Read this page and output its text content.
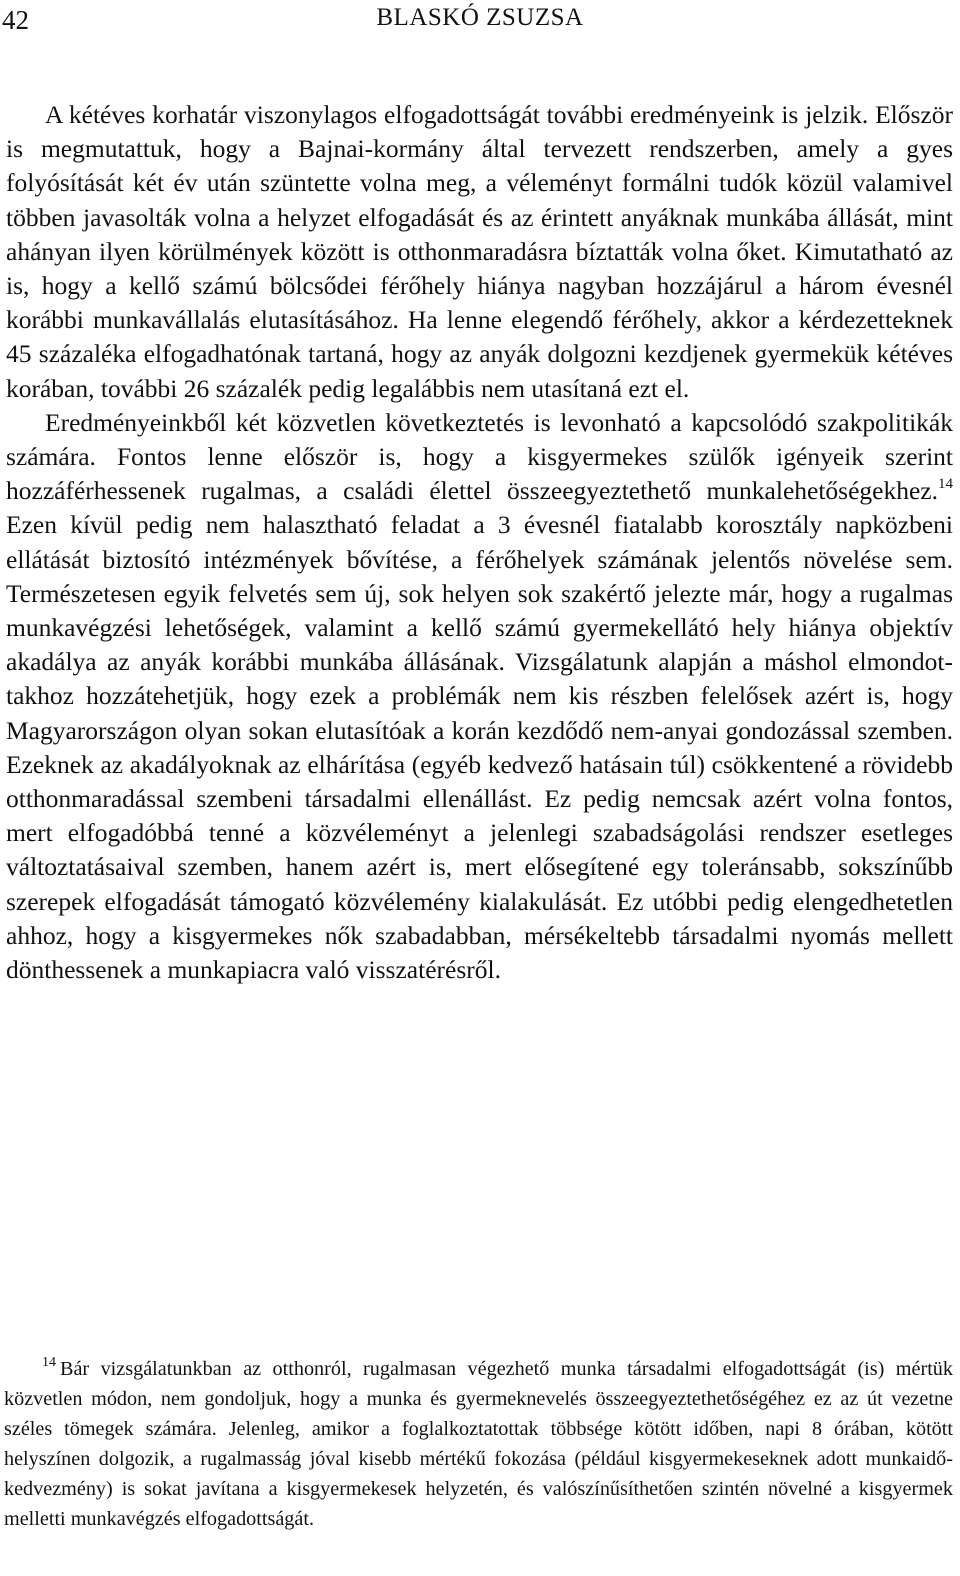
42	BLASKÓ ZSUZSA

A kétéves korhatár viszonylagos elfogadottságát további eredményeink is jelzik. Először is megmutattuk, hogy a Bajnai-kormány által tervezett rendszerben, amely a gyes folyósítását két év után szüntette volna meg, a véleményt formálni tudók közül valamivel többen javasolták volna a helyzet elfogadását és az érintett anyáknak munkába állását, mint ahányan ilyen körülmények között is otthonmaradásra bíztatták volna őket. Kimutatható az is, hogy a kellő számú bölcsődei férőhely hiánya nagyban hozzájárul a három évesnél korábbi munkavállalás elutasításához. Ha lenne elegendő férőhely, akkor a kérdezetteknek 45 százaléka elfogadhatónak tartaná, hogy az anyák dolgozni kezdjenek gyermekük kétéves korában, további 26 százalék pedig legalábbis nem utasítaná ezt el.

Eredményeinkből két közvetlen következtetés is levonható a kapcsolódó szakpolitikák számára. Fontos lenne először is, hogy a kisgyermekes szülők igényeik szerint hozzáférhessenek rugalmas, a családi élettel összeegyeztethető munkalehetőségekhez.$^{14}$ Ezen kívül pedig nem halasztható feladat a 3 évesnél fiatalabb korosztály napközbeni ellátását biztosító intézmények bővítése, a férőhelyek számának jelentős növelése sem. Természetesen egyik felvetés sem új, sok helyen sok szakértő jelezte már, hogy a rugalmas munkavégzési lehetőségek, valamint a kellő számú gyermekellátó hely hiánya objektív akadálya az anyák korábbi munkába állásának. Vizsgálatunk alapján a máshol elmondottakhoz hozzátehetjük, hogy ezek a problémák nem kis részben felelősek azért is, hogy Magyarországon olyan sokan elutasítóak a korán kezdődő nem-anyai gondozással szemben. Ezeknek az akadályoknak az elhárítása (egyéb kedvező hatásain túl) csökkentené a rövidebb otthonmaradással szembeni társadalmi ellenállást. Ez pedig nemcsak azért volna fontos, mert elfogadóbbá tenné a közvéleményt a jelenlegi szabadságolási rendszer esetleges változtatásaival szemben, hanem azért is, mert elősegítené egy toleránsabb, sokszínűbb szerepek elfogadását támogató közvélemény kialakulását. Ez utóbbi pedig elengedhetetlen ahhoz, hogy a kisgyermekes nők szabadabban, mérsékeltebb társadalmi nyomás mellett dönthessenek a munkapiacra való visszatérésről.

$^{14}$ Bár vizsgálatunkban az otthonról, rugalmasan végezhető munka társadalmi elfogadottságát (is) mértük közvetlen módon, nem gondoljuk, hogy a munka és gyermeknevelés összeegyeztethetőségéhez ez az út vezetne széles tömegek számára. Jelenleg, amikor a foglalkoztatottak többsége kötött időben, napi 8 órában, kötött helyszínen dolgozik, a rugalmasság jóval kisebb mértékű fokozása (például kisgyermekeseknek adott munkaidő-kedvezmény) is sokat javítana a kisgyermekesek helyzetén, és valószínűsíthetően szintén növelné a kisgyermek melletti munkavégzés elfogadottságát.
